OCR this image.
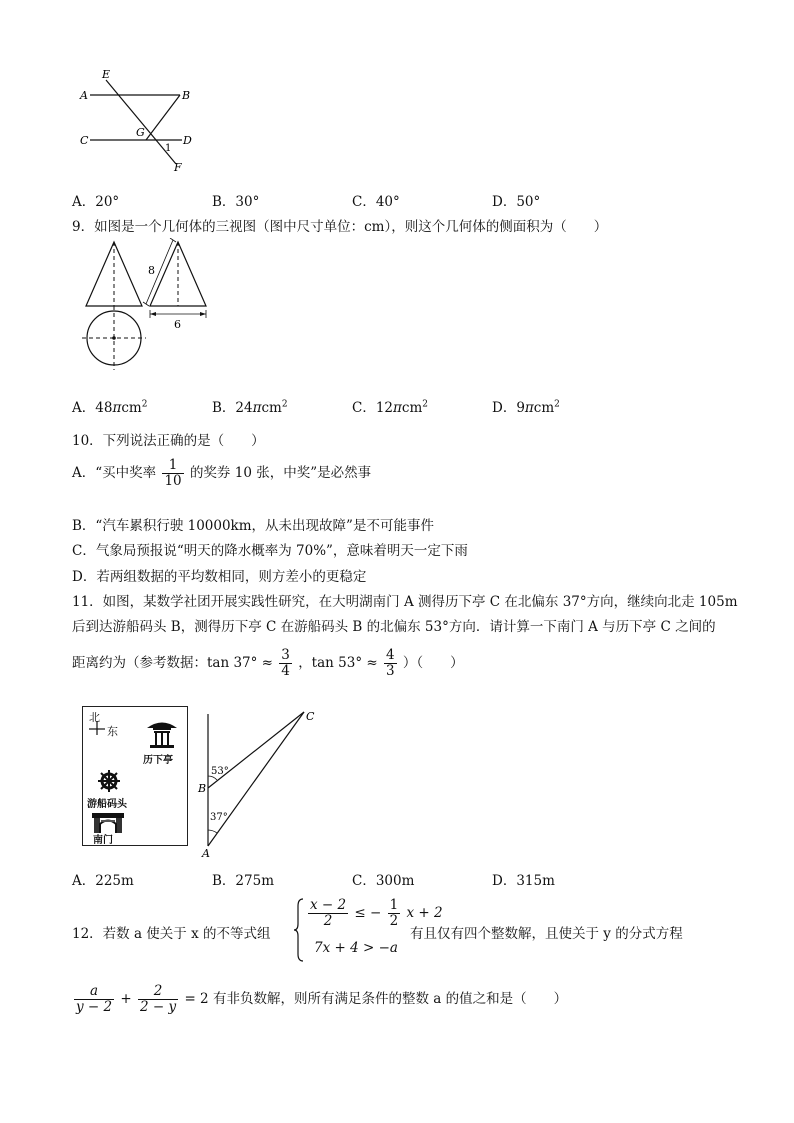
E
A	B
G
C	D
1
F
A．20°	B．30°	C．40°	D．50°
9．如图是一个几何体的三视图（图中尺寸单位：cm），则这个几何体的侧面积为（　　）
8
6
A．48πcm$^2$	B．24πcm$^2$	C．12πcm$^2$	D．9πcm$^2$
10．下列说法正确的是（　　）
A．“买中奖率 $\frac{1}{10}$ 的奖券 10 张，中奖”是必然事
B．“汽车累积行驶 10000km，从未出现故障”是不可能事件
C．气象局预报说“明天的降水概率为 70%”，意味着明天一定下雨
D．若两组数据的平均数相同，则方差小的更稳定
11．如图，某数学社团开展实践性研究，在大明湖南门 A 测得历下亭 C 在北偏东 37°方向，继续向北走 105m
后到达游船码头 B，测得历下亭 C 在游船码头 B 的北偏东 53°方向．请计算一下南门 A 与历下亭 C 之间的
距离约为（参考数据：$\tan 37^\circ \approx \frac{3}{4}$ ，$\tan 53^\circ \approx \frac{4}{3}$ ）（　　）
北
东
历下亭
游船码头
南门
53°
37°
B
A
C
A．225m	B．275m	C．300m	D．315m
12．若数 a 使关于 x 的不等式组
$\frac{x - 2}{2}$ ≤ − $\frac{1}{2}$ x + 2
7x + 4 > −a
有且仅有四个整数解，且使关于 y 的分式方程
$\frac{a}{y - 2} + \frac{2}{2 - y} = 2$ 有非负数解，则所有满足条件的整数 a 的值之和是（　　）
